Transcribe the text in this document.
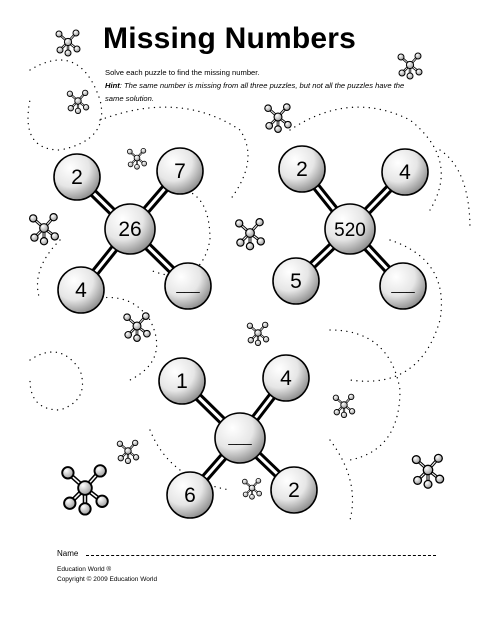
2	7
4	___
26
2	4
5	___
520
1	4
6	2
___
Missing Numbers
Solve each puzzle to find the missing number.
Hint: The same number is missing from all three puzzles, but not all the puzzles have the same solution.
Name
Education World ®
Copyright © 2009 Education World
